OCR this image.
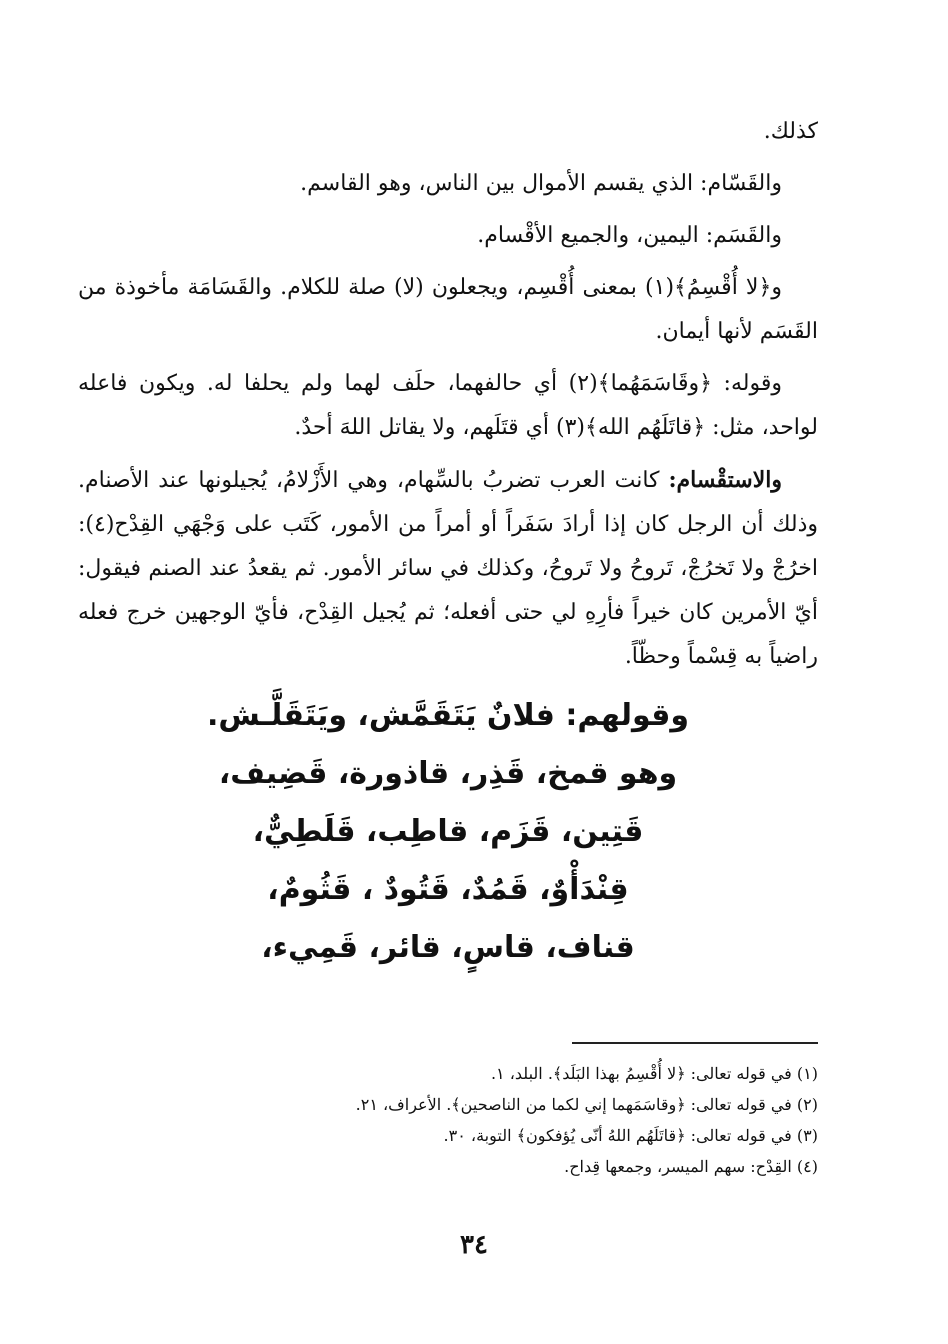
كذلك.

والقَسّام: الذي يقسم الأموال بين الناس، وهو القاسم.

والقَسَم: اليمين، والجميع الأقْسام.

و﴿لا أُقْسِمُ﴾(١) بمعنى أُقْسِم، ويجعلون (لا) صلة للكلام. والقَسَامَة مأخوذة من القَسَم لأنها أيمان.

وقوله: ﴿وقَاسَمَهُما﴾(٢) أي حالفهما، حلَف لهما ولم يحلفا له. ويكون فاعله لواحد، مثل: ﴿قاتَلَهُم الله﴾(٣) أي قتَلَهم، ولا يقاتل اللهَ أحدٌ.

والاستقْسام: كانت العرب تضربُ بالسِّهام، وهي الأَزْلامُ، يُجيلونها عند الأصنام. وذلك أن الرجل كان إذا أرادَ سَفَراً أو أمراً من الأمور، كَتَب على وَجْهَي القِدْح(٤): اخرُجْ ولا تَخرُجْ، تَروحُ ولا تَروحُ، وكذلك في سائر الأمور. ثم يقعدُ عند الصنم فيقول: أيّ الأمرين كان خيراً فأرِهِ لي حتى أفعله؛ ثم يُجيل القِدْح، فأيّ الوجهين خرج فعله راضياً به قِسْماً وحظّاً.

وقولهم: فلانٌ يَتَقَمَّش، ويَتَقَلَّـش.
وهو قمخ، قَذِر، قاذورة، قَضِيف،
قَتِين، قَزَم، قاطِب، قَلَطِيٌّ،
قِنْدَأْوٌ، قَمُدٌ، قَتُودٌ ، قَثُومٌ،
قناف، قاسٍ، قائر، قَمِيء،
(١) في قوله تعالى: ﴿لا أُقْسِمُ بهذا البَلَد﴾. البلد، ١.
(٢) في قوله تعالى: ﴿وقاسَمَهما إني لكما من الناصحين﴾. الأعراف، ٢١.
(٣) في قوله تعالى: ﴿قاتَلَهُم اللهُ أنّى يُؤفكون﴾ التوبة، ٣٠.
(٤) القِدْح: سهم الميسر، وجمعها قِداح.
٣٤
